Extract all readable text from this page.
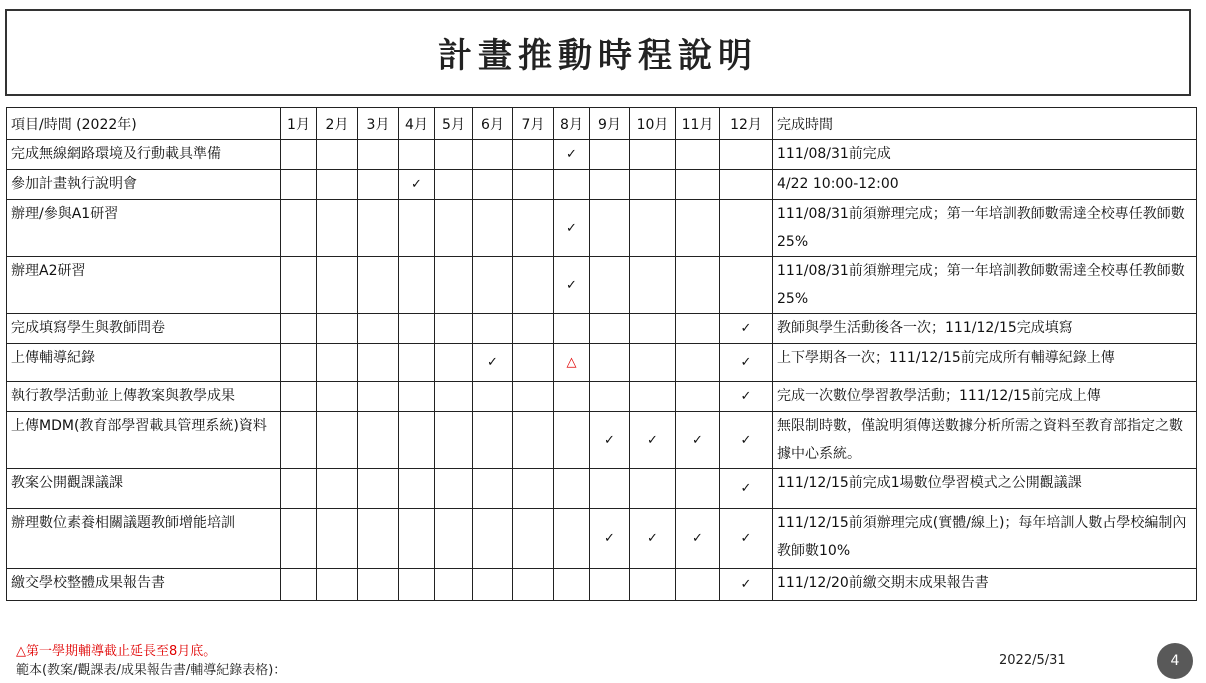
計畫推動時程說明
項目/時間 (2022年)	1月	2月	3月	4月	5月	6月	7月	8月	9月	10月	11月	12月	完成時間
完成無線網路環境及行動載具準備								✓					111/08/31前完成
參加計畫執行說明會				✓									4/22 10:00-12:00
辦理/參與A1研習								✓					111/08/31前須辦理完成；第一年培訓教師數需達全校專任教師數25%
辦理A2研習								✓					111/08/31前須辦理完成；第一年培訓教師數需達全校專任教師數25%
完成填寫學生與教師問卷												✓	教師與學生活動後各一次；111/12/15完成填寫
上傳輔導紀錄						✓		△				✓	上下學期各一次；111/12/15前完成所有輔導紀錄上傳
執行教學活動並上傳教案與教學成果												✓	完成一次數位學習教學活動；111/12/15前完成上傳
上傳MDM(教育部學習載具管理系統)資料									✓	✓	✓	✓	無限制時數，僅說明須傳送數據分析所需之資料至教育部指定之數據中心系統。
教案公開觀課議課												✓	111/12/15前完成1場數位學習模式之公開觀議課
辦理數位素養相關議題教師增能培訓									✓	✓	✓	✓	111/12/15前須辦理完成(實體/線上)；每年培訓人數占學校編制內教師數10%
繳交學校整體成果報告書												✓	111/12/20前繳交期末成果報告書
△第一學期輔導截止延長至8月底。
範本(教案/觀課表/成果報告書/輔導紀錄表格)：
2022/5/31	4
